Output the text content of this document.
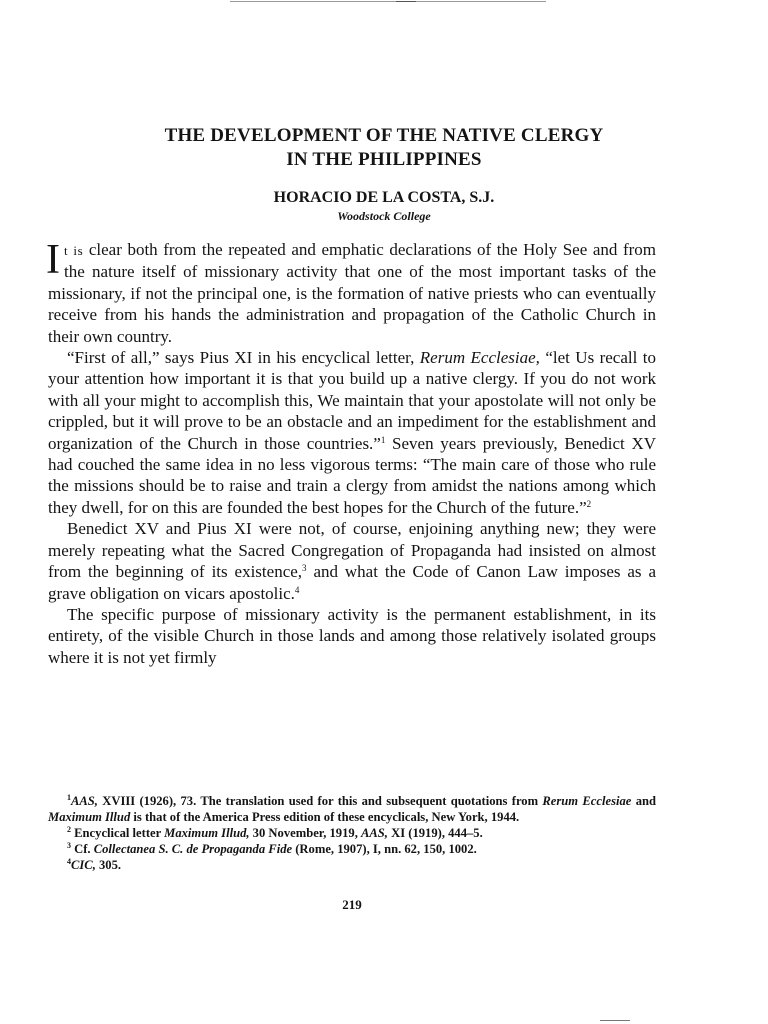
THE DEVELOPMENT OF THE NATIVE CLERGY
IN THE PHILIPPINES
HORACIO DE LA COSTA, S.J.
Woodstock College

It is clear both from the repeated and emphatic declarations of the Holy See and from the nature itself of missionary activity that one of the most important tasks of the missionary, if not the principal one, is the formation of native priests who can eventually receive from his hands the administration and propagation of the Catholic Church in their own country.

“First of all,” says Pius XI in his encyclical letter, Rerum Ecclesiae, “let Us recall to your attention how important it is that you build up a native clergy. If you do not work with all your might to accomplish this, We maintain that your apostolate will not only be crippled, but it will prove to be an obstacle and an impediment for the establishment and organization of the Church in those countries.”$^1$ Seven years previously, Benedict XV had couched the same idea in no less vigorous terms: “The main care of those who rule the missions should be to raise and train a clergy from amidst the nations among which they dwell, for on this are founded the best hopes for the Church of the future.”$^2$

Benedict XV and Pius XI were not, of course, enjoining anything new; they were merely repeating what the Sacred Congregation of Propaganda had insisted on almost from the beginning of its existence,$^3$ and what the Code of Canon Law imposes as a grave obligation on vicars apostolic.$^4$

The specific purpose of missionary activity is the permanent establishment, in its entirety, of the visible Church in those lands and among those relatively isolated groups where it is not yet firmly

$^1$AAS, XVIII (1926), 73. The translation used for this and subsequent quotations from Rerum Ecclesiae and Maximum Illud is that of the America Press edition of these encyclicals, New York, 1944.

$^2$ Encyclical letter Maximum Illud, 30 November, 1919, AAS, XI (1919), 444–5.

$^3$ Cf. Collectanea S. C. de Propaganda Fide (Rome, 1907), I, nn. 62, 150, 1002.

$^4$CIC, 305.

219
